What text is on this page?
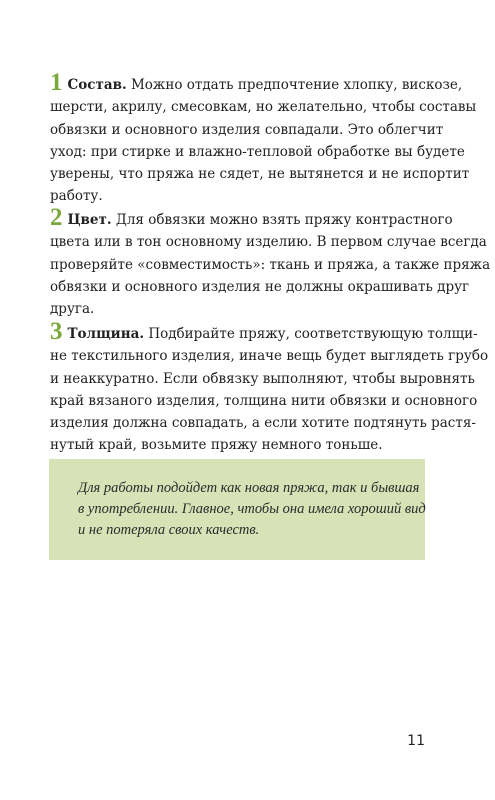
1 Состав. Можно отдать предпочтение хлопку, вискозе,
шерсти, акрилу, смесовкам, но желательно, чтобы составы
обвязки и основного изделия совпадали. Это облегчит
уход: при стирке и влажно-тепловой обработке вы будете
уверены, что пряжа не сядет, не вытянется и не испортит
работу.
2 Цвет. Для обвязки можно взять пряжу контрастного
цвета или в тон основному изделию. В первом случае всегда
проверяйте «совместимость»: ткань и пряжа, а также пряжа
обвязки и основного изделия не должны окрашивать друг
друга.
3 Толщина. Подбирайте пряжу, соответствующую толщи-
не текстильного изделия, иначе вещь будет выглядеть грубо
и неаккуратно. Если обвязку выполняют, чтобы выровнять
край вязаного изделия, толщина нити обвязки и основного
изделия должна совпадать, а если хотите подтянуть растя-
нутый край, возьмите пряжу немного тоньше.
Для работы подойдет как новая пряжа, так и бывшая
в употреблении. Главное, чтобы она имела хороший вид
и не потеряла своих качеств.
11
